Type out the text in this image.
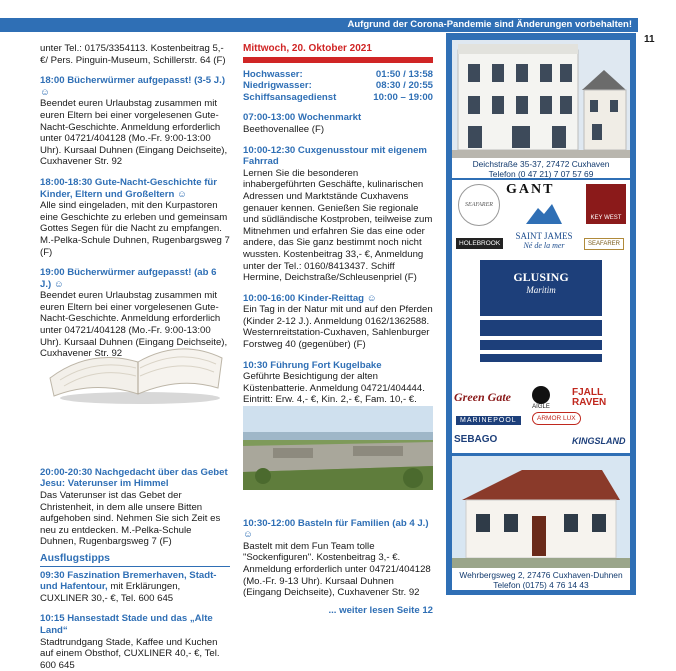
Aufgrund der Corona-Pandemie sind Änderungen vorbehalten!
11

unter Tel.: 0175/3354113. Kostenbeitrag 5,- €/ Pers. Pinguin-Museum, Schillerstr. 64 (F)

18:00 Bücherwürmer aufgepasst! (3-5 J.) ☺

Beendet euren Urlaubstag zusammen mit euren Eltern bei einer vorgelesenen Gute-Nacht-Geschichte. Anmeldung erforderlich unter 04721/404128 (Mo.-Fr. 9:00-13:00 Uhr). Kursaal Duhnen (Eingang Deichseite), Cuxhavener Str. 92

18:00-18:30 Gute-Nacht-Geschichte für Kinder, Eltern und Großeltern ☺

Alle sind eingeladen, mit den Kurpastoren eine Geschichte zu erleben und gemeinsam Gottes Segen für die Nacht zu empfangen. M.-Pelka-Schule Duhnen, Rugenbargsweg 7 (F)

19:00 Bücherwürmer aufgepasst! (ab 6 J.) ☺

Beendet euren Urlaubstag zusammen mit euren Eltern bei einer vorgelesenen Gute-Nacht-Geschichte. Anmeldung erforderlich unter 04721/404128 (Mo.-Fr. 9:00-13:00 Uhr). Kursaal Duhnen (Eingang Deichseite), Cuxhavener Str. 92

20:00-20:30 Nachgedacht über das Gebet Jesu: Vaterunser im Himmel

Das Vaterunser ist das Gebet der Christenheit, in dem alle unsere Bitten aufgehoben sind. Nehmen Sie sich Zeit es neu zu entdecken. M.-Pelka-Schule Duhnen, Rugenbargsweg 7 (F)

Ausflugstipps

09:30 Faszination Bremerhaven, Stadt- und Hafentour, mit Erklärungen, CUXLINER 30,- €, Tel. 600 645

10:15 Hansestadt Stade und das „Alte Land“

Stadtrundgang Stade, Kaffee und Kuchen auf einem Obsthof, CUXLINER 40,- €, Tel. 600 645

Mittwoch, 20. Oktober 2021

Hochwasser:	01:50 / 13:58
Niedrigwasser:	08:30 / 20:55
Schiffsansagedienst	10:00 – 19:00

07:00-13:00 Wochenmarkt

Beethovenallee (F)

10:00-12:30 Cuxgenusstour mit eigenem Fahrrad

Lernen Sie die besonderen inhabergeführten Geschäfte, kulinarischen Adressen und Marktstände Cuxhavens genauer kennen. Genießen Sie regionale und südländische Kostproben, teilweise zum Mitnehmen und erfahren Sie das eine oder andere, das Sie ganz bestimmt noch nicht wussten. Kostenbeitrag 33,- €, Anmeldung unter der Tel.: 0160/8413437. Schiff Hermine, Deichstraße/Schleusenpriel (F)

10:00-16:00 Kinder-Reittag ☺

Ein Tag in der Natur mit und auf den Pferden (Kinder 2-12 J.). Anmeldung 0162/1362588. Westernreitstation-Cuxhaven, Sahlenburger Forstweg 40 (gegenüber) (F)

10:30 Führung Fort Kugelbake

Geführte Besichtigung der alten Küstenbatterie. Anmeldung 04721/404444. Eintritt: Erw. 4,- €, Kin. 2,- €, Fam. 10,- €.

10:30-12:00 Basteln für Familien (ab 4 J.) ☺

Bastelt mit dem Fun Team tolle "Sockenfiguren". Kostenbeitrag 3,- €. Anmeldung erforderlich unter 04721/404128 (Mo.-Fr. 9-13 Uhr). Kursaal Duhnen (Eingang Deichseite), Cuxhavener Str. 92

... weiter lesen Seite 12

Deichstraße 35-37, 27472 Cuxhaven
Telefon (0 47 21) 7 07 57 69
SEAFARER
GANT
KEY WEST
SAINT JAMES
Né de la mer
HOLEBROOK	SEAFARER
GLUSING
Maritim
Green Gate
AIGLE
FJALL RAVEN
MARINEPOOL	ARMOR LUX
SEBAGO	KINGSLAND
Wehrbergsweg 2, 27476 Cuxhaven-Duhnen
Telefon (0175) 4 76 14 43
